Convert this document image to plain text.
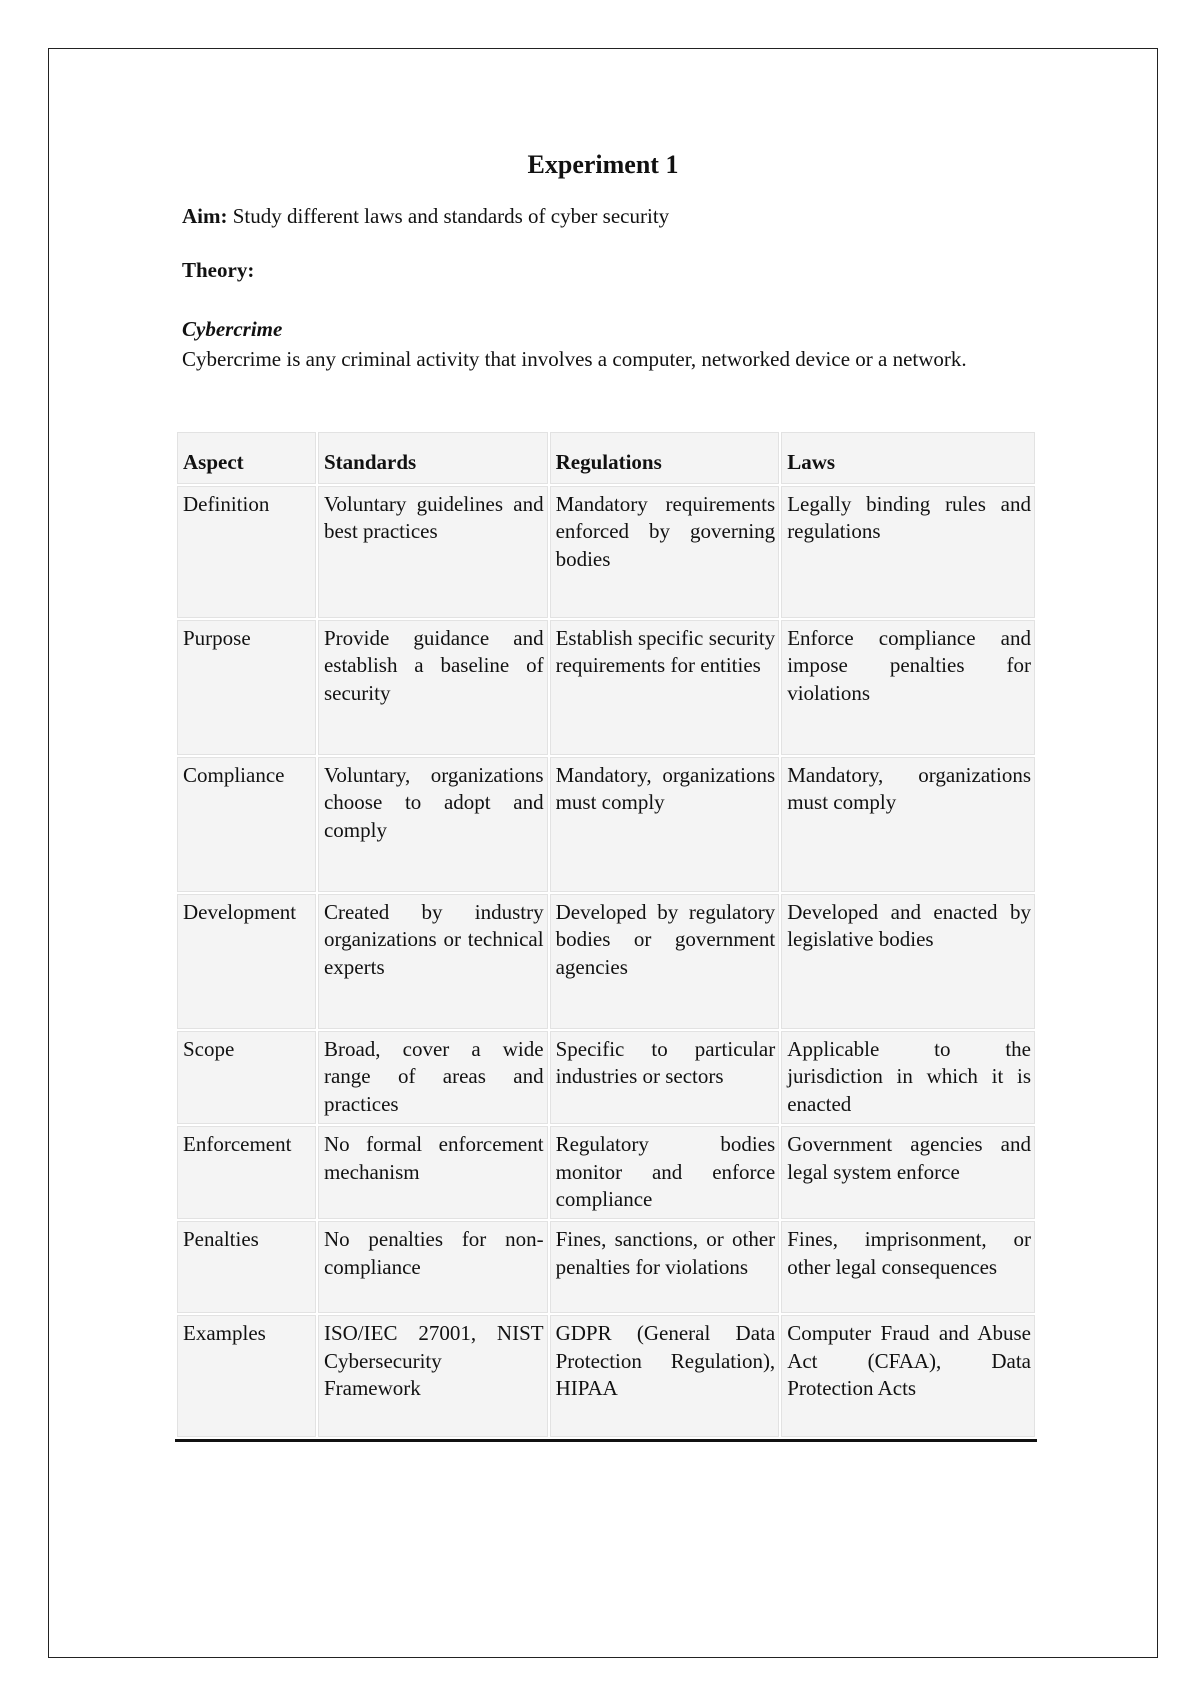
Experiment 1
Aim: Study different laws and standards of cyber security
Theory:
Cybercrime
Cybercrime is any criminal activity that involves a computer, networked device or a network.
Aspect	Standards	Regulations	Laws
Definition	Voluntary guidelines and best practices	Mandatory requirements enforced by governing bodies	Legally binding rules and regulations
Purpose	Provide guidance and establish a baseline of security	Establish specific security requirements for entities	Enforce compliance and impose penalties for violations
Compliance	Voluntary, organizations choose to adopt and comply	Mandatory, organizations must comply	Mandatory, organizations must comply
Development	Created by industry organizations or technical experts	Developed by regulatory bodies or government agencies	Developed and enacted by legislative bodies
Scope	Broad, cover a wide range of areas and practices	Specific to particular industries or sectors	Applicable to the jurisdiction in which it is enacted
Enforcement	No formal enforcement mechanism	Regulatory bodies monitor and enforce compliance	Government agencies and legal system enforce
Penalties	No penalties for non-compliance	Fines, sanctions, or other penalties for violations	Fines, imprisonment, or other legal consequences
Examples	ISO/IEC 27001, NIST Cybersecurity Framework	GDPR (General Data Protection Regulation), HIPAA	Computer Fraud and Abuse Act (CFAA), Data Protection Acts
